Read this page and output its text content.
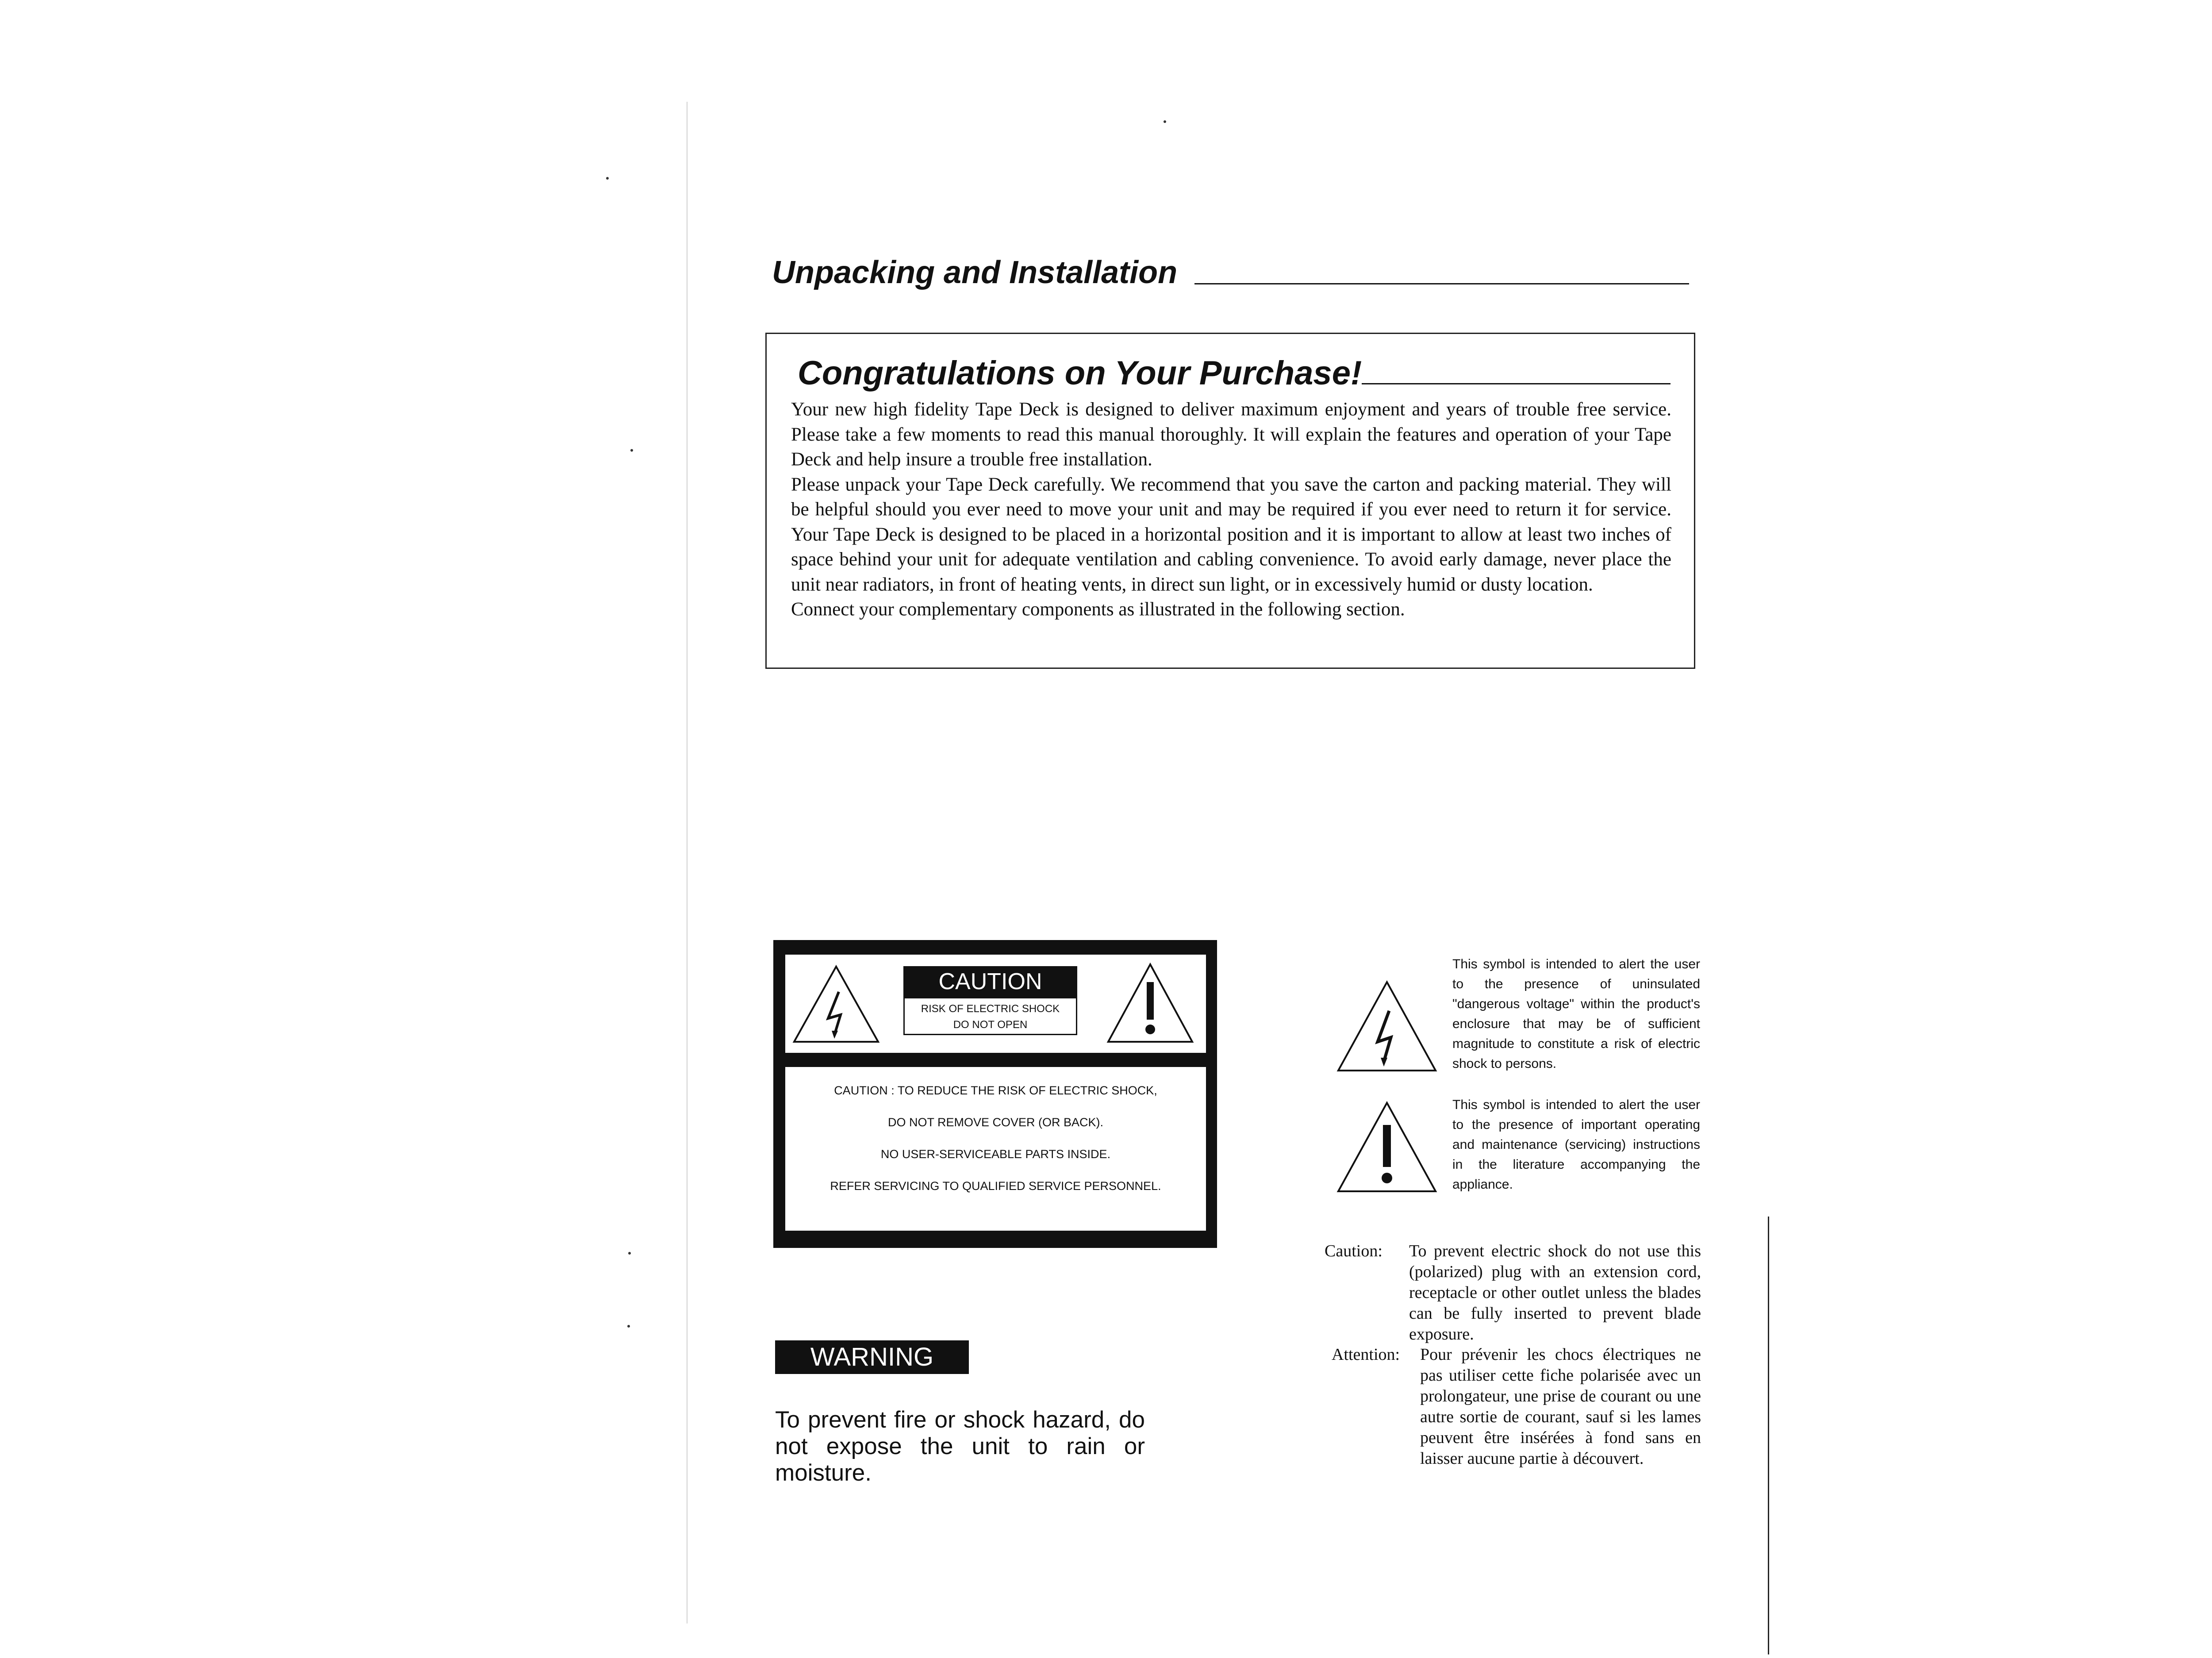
Unpacking and Installation
Congratulations on Your Purchase!

Your new high fidelity Tape Deck is designed to deliver maximum enjoyment and years of trouble free service. Please take a few moments to read this manual thoroughly. It will explain the features and operation of your Tape Deck and help insure a trouble free installation.

Please unpack your Tape Deck carefully. We recommend that you save the carton and packing material. They will be helpful should you ever need to move your unit and may be required if you ever need to return it for service. Your Tape Deck is designed to be placed in a horizontal position and it is important to allow at least two inches of space behind your unit for adequate ventilation and cabling convenience. To avoid early damage, never place the unit near radiators, in front of heating vents, in direct sun light, or in excessively humid or dusty location.

Connect your complementary components as illustrated in the following section.

CAUTION
RISK OF ELECTRIC SHOCK
DO NOT OPEN
CAUTION : TO REDUCE THE RISK OF ELECTRIC SHOCK,
DO NOT REMOVE COVER (OR BACK).
NO USER-SERVICEABLE PARTS INSIDE.
REFER SERVICING TO QUALIFIED SERVICE PERSONNEL.
WARNING
To prevent fire or shock hazard, do not expose the unit to rain or moisture.
This symbol is intended to alert the user to the presence of uninsulated "dangerous voltage" within the product's enclosure that may be of sufficient magnitude to constitute a risk of electric shock to persons.
This symbol is intended to alert the user to the presence of important operating and maintenance (servicing) instructions in the literature accompanying the appliance.
Caution:	To prevent electric shock do not use this (polarized) plug with an extension cord, receptacle or other outlet unless the blades can be fully inserted to prevent blade exposure.
Attention:	Pour prévenir les chocs électriques ne pas utiliser cette fiche polarisée avec un prolongateur, une prise de courant ou une autre sortie de courant, sauf si les lames peuvent être insérées à fond sans en laisser aucune partie à découvert.
